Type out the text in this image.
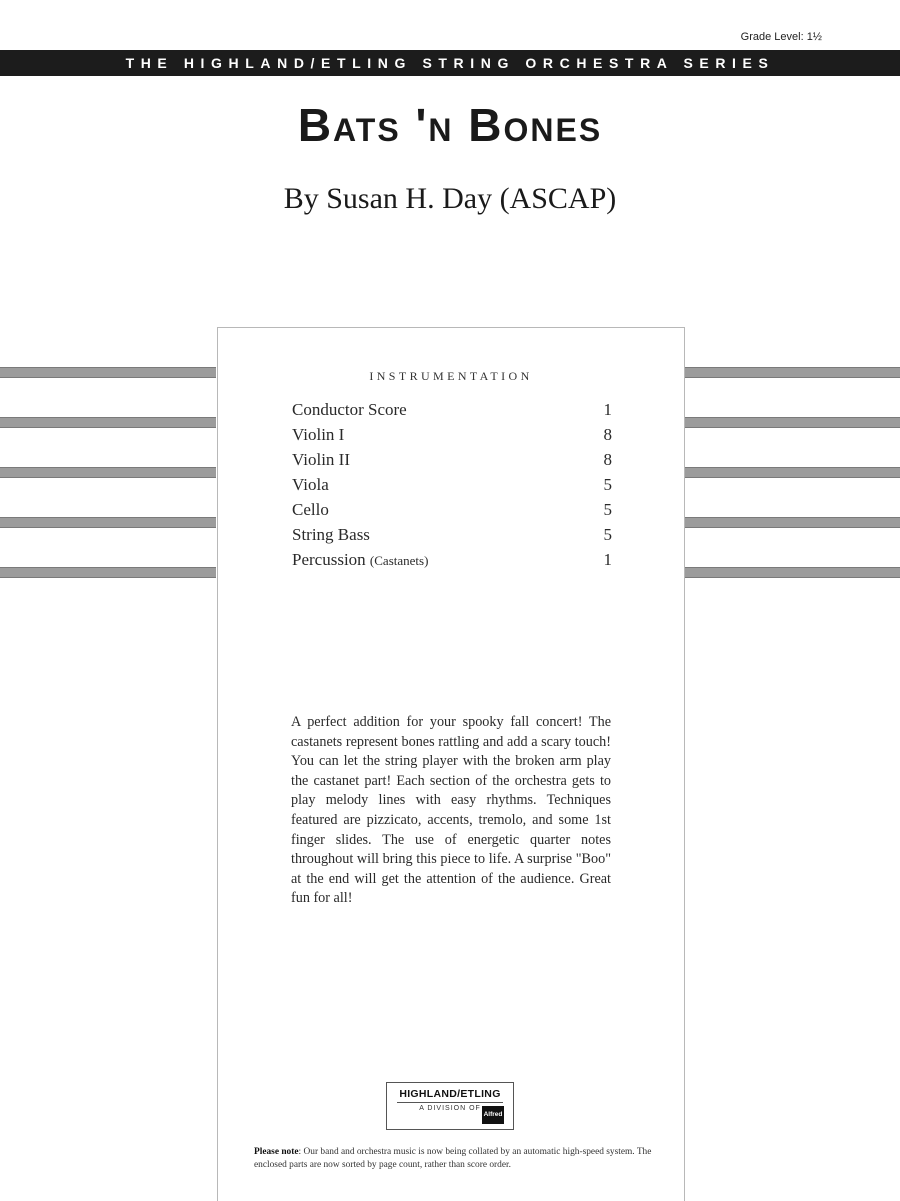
Grade Level: 1½
THE HIGHLAND/ETLING STRING ORCHESTRA SERIES
Bats 'n Bones
By Susan H. Day (ASCAP)
INSTRUMENTATION
Conductor Score	1
Violin I	8
Violin II	8
Viola	5
Cello	5
String Bass	5
Percussion (Castanets)	1
A perfect addition for your spooky fall concert! The castanets represent bones rattling and add a scary touch! You can let the string player with the broken arm play the castanet part! Each section of the orchestra gets to play melody lines with easy rhythms. Techniques featured are pizzicato, accents, tremolo, and some 1st finger slides. The use of energetic quarter notes throughout will bring this piece to life. A surprise "Boo" at the end will get the attention of the audience. Great fun for all!
HIGHLAND/ETLING
A DIVISION OF
Alfred
Please note: Our band and orchestra music is now being collated by an automatic high-speed system. The enclosed parts are now sorted by page count, rather than score order.
